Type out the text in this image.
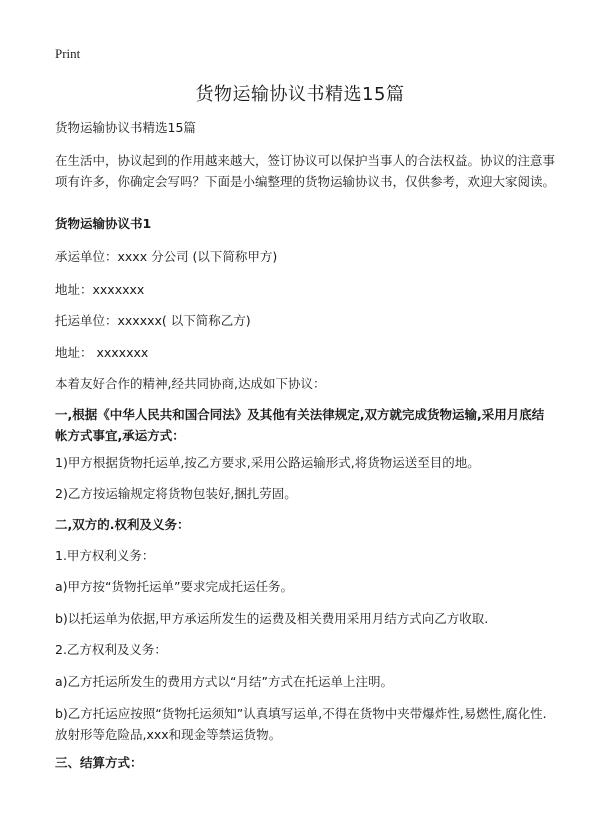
Print
货物运输协议书精选15篇
货物运输协议书精选15篇
在生活中，协议起到的作用越来越大，签订协议可以保护当事人的合法权益。协议的注意事项有许多，你确定会写吗？下面是小编整理的货物运输协议书，仅供参考，欢迎大家阅读。
货物运输协议书1
承运单位：xxxx 分公司 (以下简称甲方)
地址：xxxxxxx
托运单位：xxxxxx( 以下简称乙方)
地址： xxxxxxx
本着友好合作的精神,经共同协商,达成如下协议：
一,根据《中华人民共和国合同法》及其他有关法律规定,双方就完成货物运输,采用月底结帐方式事宜,承运方式：
1)甲方根据货物托运单,按乙方要求,采用公路运输形式,将货物运送至目的地。
2)乙方按运输规定将货物包装好,捆扎劳固。
二,双方的.权利及义务：
1.甲方权利义务：
a)甲方按“货物托运单”要求完成托运任务。
b)以托运单为依据,甲方承运所发生的运费及相关费用采用月结方式向乙方收取.
2.乙方权利及义务：
a)乙方托运所发生的费用方式以“月结”方式在托运单上注明。
b)乙方托运应按照“货物托运须知”认真填写运单,不得在货物中夹带爆炸性,易燃性,腐化性.放射形等危险品,xxx和现金等禁运货物。
三、结算方式：
